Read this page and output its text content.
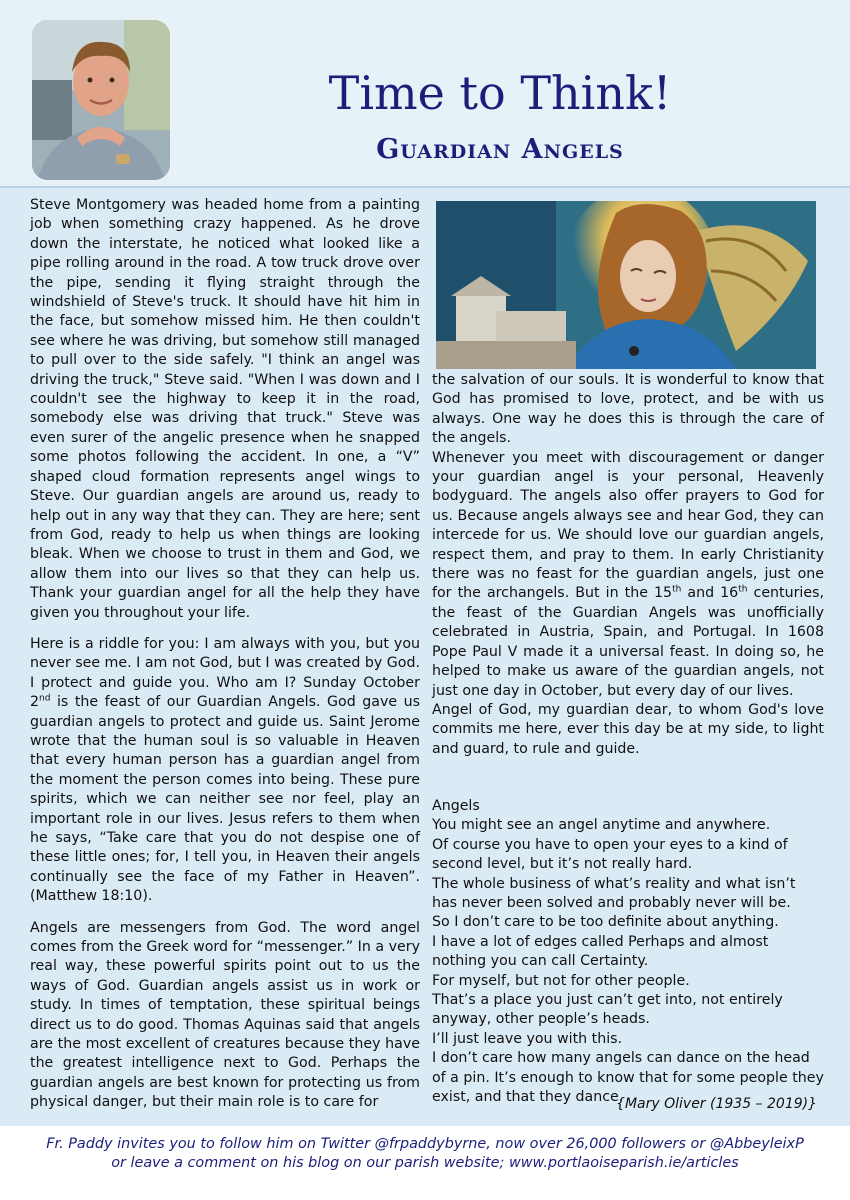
Time to Think!
Guardian Angels

Steve Montgomery was headed home from a painting job when something crazy happened. As he drove down the interstate, he noticed what looked like a pipe rolling around in the road. A tow truck drove over the pipe, sending it flying straight through the windshield of Steve's truck. It should have hit him in the face, but somehow missed him. He then couldn't see where he was driving, but somehow still managed to pull over to the side safely. "I think an angel was driving the truck," Steve said. "When I was down and I couldn't see the highway to keep it in the road, somebody else was driving that truck." Steve was even surer of the angelic presence when he snapped some photos following the accident. In one, a “V” shaped cloud formation represents angel wings to Steve. Our guardian angels are around us, ready to help out in any way that they can. They are here; sent from God, ready to help us when things are looking bleak. When we choose to trust in them and God, we allow them into our lives so that they can help us. Thank your guardian angel for all the help they have given you throughout your life.

Here is a riddle for you: I am always with you, but you never see me. I am not God, but I was created by God. I protect and guide you. Who am I? Sunday October 2nd is the feast of our Guardian Angels. God gave us guardian angels to protect and guide us. Saint Jerome wrote that the human soul is so valuable in Heaven that every human person has a guardian angel from the moment the person comes into being. These pure spirits, which we can neither see nor feel, play an important role in our lives. Jesus refers to them when he says, “Take care that you do not despise one of these little ones; for, I tell you, in Heaven their angels continually see the face of my Father in Heaven”. (Matthew 18:10).

Angels are messengers from God. The word angel comes from the Greek word for “messenger.” In a very real way, these powerful spirits point out to us the ways of God. Guardian angels assist us in work or study. In times of temptation, these spiritual beings direct us to do good. Thomas Aquinas said that angels are the most excellent of creatures because they have the greatest intelligence next to God. Perhaps the guardian angels are best known for protecting us from physical danger, but their main role is to care for

the salvation of our souls. It is wonderful to know that God has promised to love, protect, and be with us always. One way he does this is through the care of the angels.

Whenever you meet with discouragement or danger your guardian angel is your personal, Heavenly bodyguard. The angels also offer prayers to God for us. Because angels always see and hear God, they can intercede for us. We should love our guardian angels, respect them, and pray to them. In early Christianity there was no feast for the guardian angels, just one for the archangels. But in the 15th and 16th centuries, the feast of the Guardian Angels was unofficially celebrated in Austria, Spain, and Portugal. In 1608 Pope Paul V made it a universal feast. In doing so, he helped to make us aware of the guardian angels, not just one day in October, but every day of our lives.

Angel of God, my guardian dear, to whom God's love commits me here, ever this day be at my side, to light and guard, to rule and guide.

Angels
You might see an angel anytime and anywhere.
Of course you have to open your eyes to a kind of second level, but it’s not really hard.
The whole business of what’s reality and what isn’t has never been solved and probably never will be.
So I don’t care to be too definite about anything.
I have a lot of edges called Perhaps and almost nothing you can call Certainty.
For myself, but not for other people.
That’s a place you just can’t get into, not entirely anyway, other people’s heads.
I’ll just leave you with this.
I don’t care how many angels can dance on the head of a pin. It’s enough to know that for some people they exist, and that they dance.
{Mary Oliver (1935 – 2019)}
Fr. Paddy invites you to follow him on Twitter @frpaddybyrne, now over 26,000 followers or @AbbeyleixP
or leave a comment on his blog on our parish website; www.portlaoiseparish.ie/articles
